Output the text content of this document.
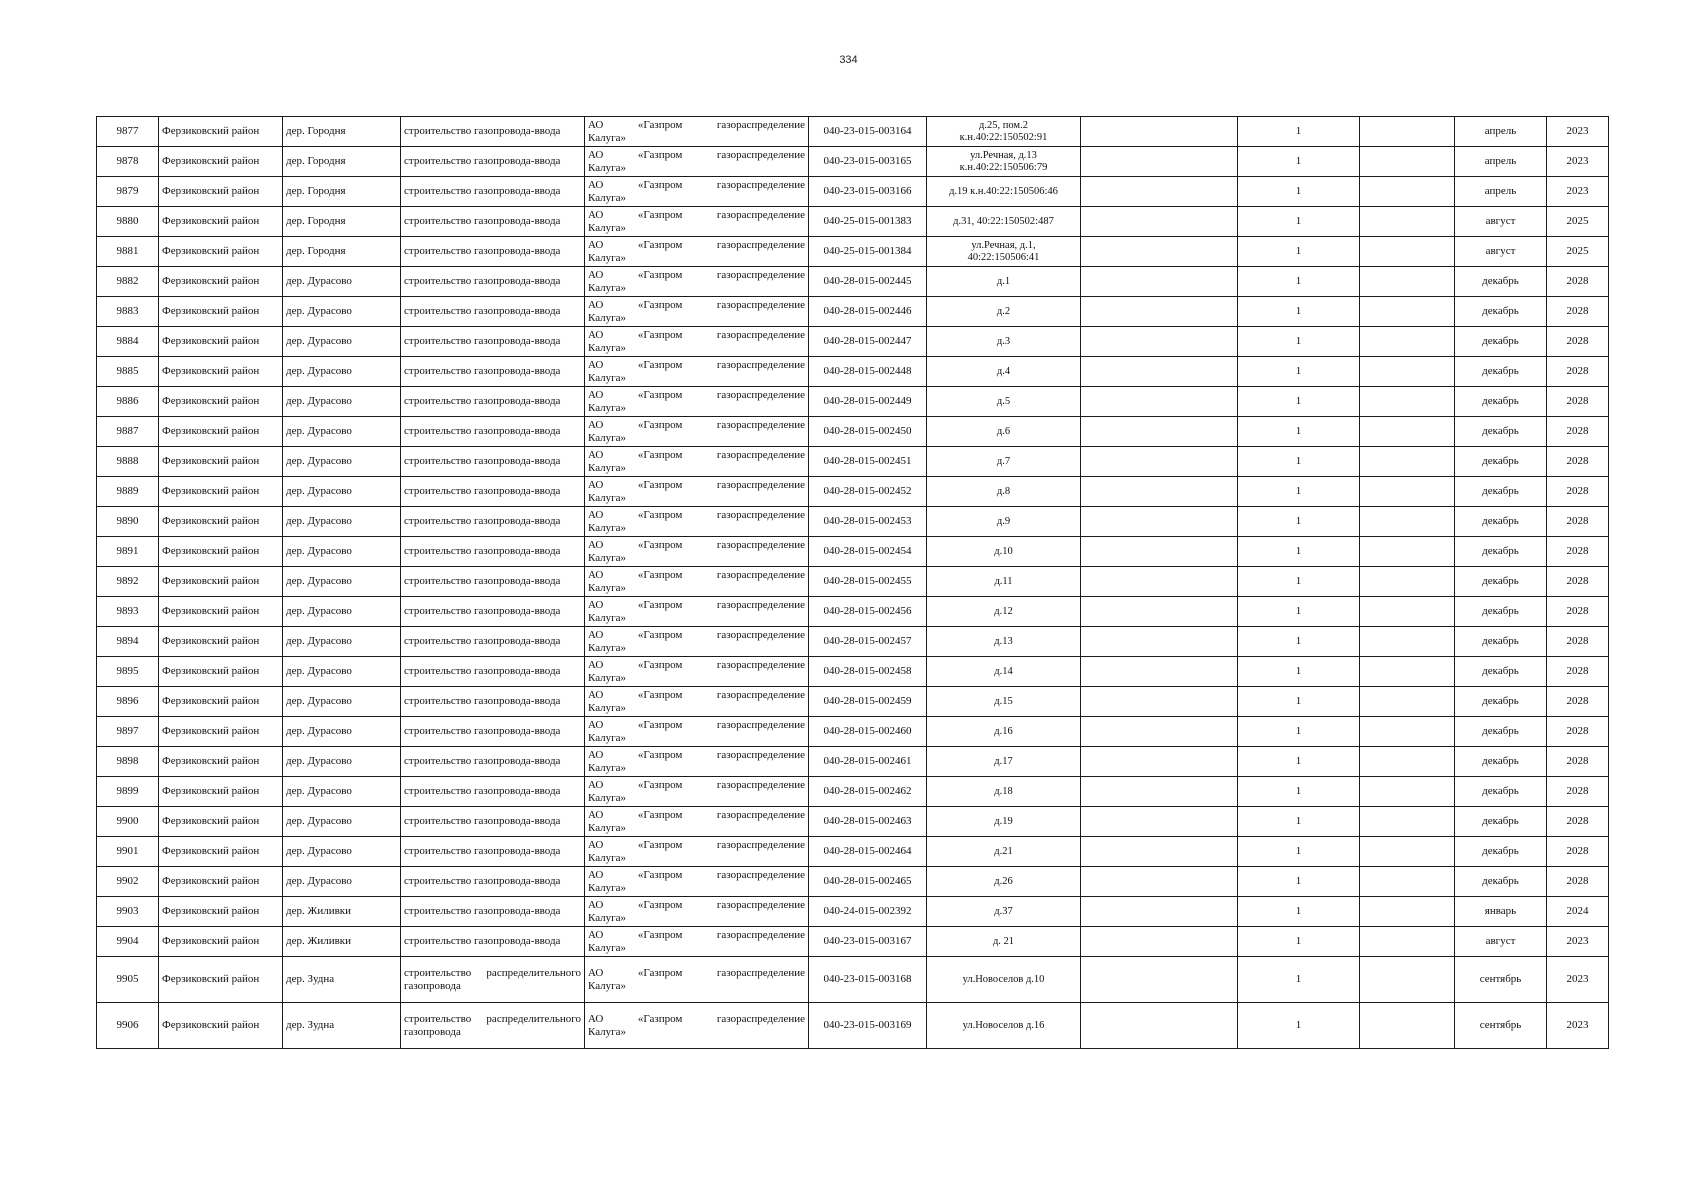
334
9877	Ферзиковский район	дер. Городня	строительство газопровода-ввода	АО «Газпром газораспределение
Калуга»	040-23-015-003164	д.25, пом.2
к.н.40:22:150502:91		1		апрель	2023
9878	Ферзиковский район	дер. Городня	строительство газопровода-ввода	АО «Газпром газораспределение
Калуга»	040-23-015-003165	ул.Речная, д.13
к.н.40:22:150506:79		1		апрель	2023
9879	Ферзиковский район	дер. Городня	строительство газопровода-ввода	АО «Газпром газораспределение
Калуга»	040-23-015-003166	д.19 к.н.40:22:150506:46		1		апрель	2023
9880	Ферзиковский район	дер. Городня	строительство газопровода-ввода	АО «Газпром газораспределение
Калуга»	040-25-015-001383	д.31, 40:22:150502:487		1		август	2025
9881	Ферзиковский район	дер. Городня	строительство газопровода-ввода	АО «Газпром газораспределение
Калуга»	040-25-015-001384	ул.Речная, д.1,
40:22:150506:41		1		август	2025
9882	Ферзиковский район	дер. Дурасово	строительство газопровода-ввода	АО «Газпром газораспределение
Калуга»	040-28-015-002445	д.1		1		декабрь	2028
9883	Ферзиковский район	дер. Дурасово	строительство газопровода-ввода	АО «Газпром газораспределение
Калуга»	040-28-015-002446	д.2		1		декабрь	2028
9884	Ферзиковский район	дер. Дурасово	строительство газопровода-ввода	АО «Газпром газораспределение
Калуга»	040-28-015-002447	д.3		1		декабрь	2028
9885	Ферзиковский район	дер. Дурасово	строительство газопровода-ввода	АО «Газпром газораспределение
Калуга»	040-28-015-002448	д.4		1		декабрь	2028
9886	Ферзиковский район	дер. Дурасово	строительство газопровода-ввода	АО «Газпром газораспределение
Калуга»	040-28-015-002449	д.5		1		декабрь	2028
9887	Ферзиковский район	дер. Дурасово	строительство газопровода-ввода	АО «Газпром газораспределение
Калуга»	040-28-015-002450	д.6		1		декабрь	2028
9888	Ферзиковский район	дер. Дурасово	строительство газопровода-ввода	АО «Газпром газораспределение
Калуга»	040-28-015-002451	д.7		1		декабрь	2028
9889	Ферзиковский район	дер. Дурасово	строительство газопровода-ввода	АО «Газпром газораспределение
Калуга»	040-28-015-002452	д.8		1		декабрь	2028
9890	Ферзиковский район	дер. Дурасово	строительство газопровода-ввода	АО «Газпром газораспределение
Калуга»	040-28-015-002453	д.9		1		декабрь	2028
9891	Ферзиковский район	дер. Дурасово	строительство газопровода-ввода	АО «Газпром газораспределение
Калуга»	040-28-015-002454	д.10		1		декабрь	2028
9892	Ферзиковский район	дер. Дурасово	строительство газопровода-ввода	АО «Газпром газораспределение
Калуга»	040-28-015-002455	д.11		1		декабрь	2028
9893	Ферзиковский район	дер. Дурасово	строительство газопровода-ввода	АО «Газпром газораспределение
Калуга»	040-28-015-002456	д.12		1		декабрь	2028
9894	Ферзиковский район	дер. Дурасово	строительство газопровода-ввода	АО «Газпром газораспределение
Калуга»	040-28-015-002457	д.13		1		декабрь	2028
9895	Ферзиковский район	дер. Дурасово	строительство газопровода-ввода	АО «Газпром газораспределение
Калуга»	040-28-015-002458	д.14		1		декабрь	2028
9896	Ферзиковский район	дер. Дурасово	строительство газопровода-ввода	АО «Газпром газораспределение
Калуга»	040-28-015-002459	д.15		1		декабрь	2028
9897	Ферзиковский район	дер. Дурасово	строительство газопровода-ввода	АО «Газпром газораспределение
Калуга»	040-28-015-002460	д.16		1		декабрь	2028
9898	Ферзиковский район	дер. Дурасово	строительство газопровода-ввода	АО «Газпром газораспределение
Калуга»	040-28-015-002461	д.17		1		декабрь	2028
9899	Ферзиковский район	дер. Дурасово	строительство газопровода-ввода	АО «Газпром газораспределение
Калуга»	040-28-015-002462	д.18		1		декабрь	2028
9900	Ферзиковский район	дер. Дурасово	строительство газопровода-ввода	АО «Газпром газораспределение
Калуга»	040-28-015-002463	д.19		1		декабрь	2028
9901	Ферзиковский район	дер. Дурасово	строительство газопровода-ввода	АО «Газпром газораспределение
Калуга»	040-28-015-002464	д.21		1		декабрь	2028
9902	Ферзиковский район	дер. Дурасово	строительство газопровода-ввода	АО «Газпром газораспределение
Калуга»	040-28-015-002465	д.26		1		декабрь	2028
9903	Ферзиковский район	дер. Жиливки	строительство газопровода-ввода	АО «Газпром газораспределение
Калуга»	040-24-015-002392	д.37		1		январь	2024
9904	Ферзиковский район	дер. Жиливки	строительство газопровода-ввода	АО «Газпром газораспределение
Калуга»	040-23-015-003167	д. 21		1		август	2023
9905	Ферзиковский район	дер. Зудна	строительство распределительного газопровода	АО «Газпром газораспределение
Калуга»	040-23-015-003168	ул.Новоселов д.10		1		сентябрь	2023
9906	Ферзиковский район	дер. Зудна	строительство распределительного газопровода	АО «Газпром газораспределение
Калуга»	040-23-015-003169	ул.Новоселов д.16		1		сентябрь	2023
